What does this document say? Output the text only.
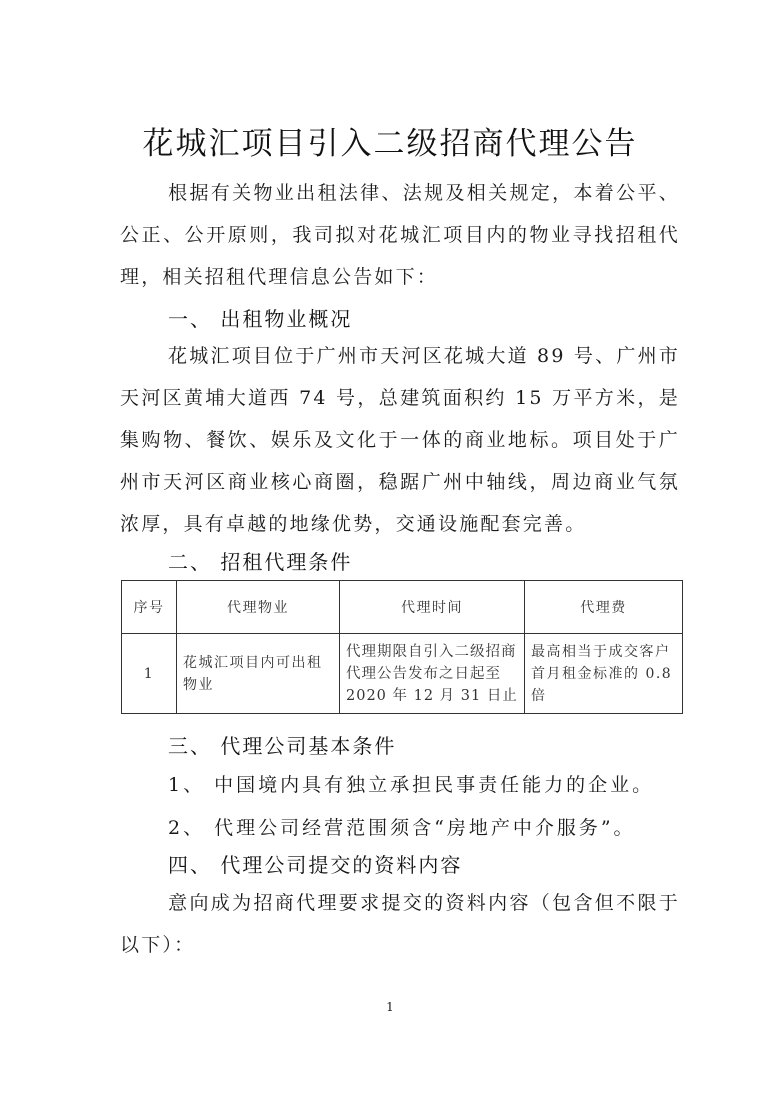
花城汇项目引入二级招商代理公告
根据有关物业出租法律、法规及相关规定，本着公平、公正、公开原则，我司拟对花城汇项目内的物业寻找招租代理，相关招租代理信息公告如下：
一、 出租物业概况
花城汇项目位于广州市天河区花城大道 89 号、广州市天河区黄埔大道西 74 号，总建筑面积约 15 万平方米，是集购物、餐饮、娱乐及文化于一体的商业地标。项目处于广州市天河区商业核心商圈，稳踞广州中轴线，周边商业气氛浓厚，具有卓越的地缘优势，交通设施配套完善。
二、 招租代理条件
序号	代理物业	代理时间	代理费
1	花城汇项目内可出租物业	代理期限自引入二级招商代理公告发布之日起至 2020 年 12 月 31 日止	最高相当于成交客户首月租金标准的 0.8 倍
三、 代理公司基本条件
1、 中国境内具有独立承担民事责任能力的企业。
2、 代理公司经营范围须含“房地产中介服务”。
四、 代理公司提交的资料内容
意向成为招商代理要求提交的资料内容（包含但不限于以下）：
1
